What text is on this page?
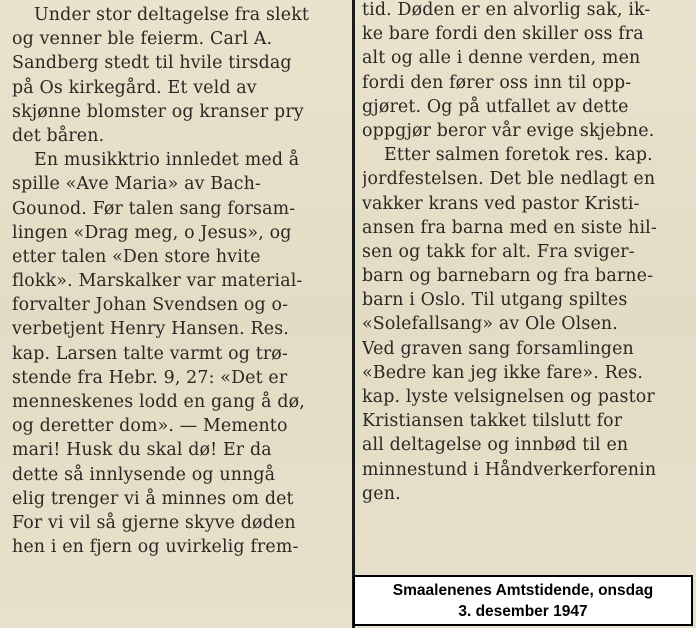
Under stor deltagelse fra slekt
og venner ble feierm. Carl A.
Sandberg stedt til hvile tirsdag
på Os kirkegård. Et veld av
skjønne blomster og kranser pry
det båren.
En musikktrio innledet med å
spille «Ave Maria» av Bach-
Gounod. Før talen sang forsam-
lingen «Drag meg, o Jesus», og
etter talen «Den store hvite
flokk». Marskalker var material-
forvalter Johan Svendsen og o-
verbetjent Henry Hansen. Res.
kap. Larsen talte varmt og trø-
stende fra Hebr. 9, 27: «Det er
menneskenes lodd en gang å dø,
og deretter dom». — Memento
mari! Husk du skal dø! Er da
dette så innlysende og unngå
elig trenger vi å minnes om det
For vi vil så gjerne skyve døden
hen i en fjern og uvirkelig frem-
tid. Døden er en alvorlig sak, ik-
ke bare fordi den skiller oss fra
alt og alle i denne verden, men
fordi den fører oss inn til opp-
gjøret. Og på utfallet av dette
oppgjør beror vår evige skjebne.
Etter salmen foretok res. kap.
jordfestelsen. Det ble nedlagt en
vakker krans ved pastor Kristi-
ansen fra barna med en siste hil-
sen og takk for alt. Fra sviger-
barn og barnebarn og fra barne-
barn i Oslo. Til utgang spiltes
«Solefallsang» av Ole Olsen.
Ved graven sang forsamlingen
«Bedre kan jeg ikke fare». Res.
kap. lyste velsignelsen og pastor
Kristiansen takket tilslutt for
all deltagelse og innbød til en
minnestund i Håndverkerforenin
gen.
Smaalenenes Amtstidende, onsdag
3. desember 1947
